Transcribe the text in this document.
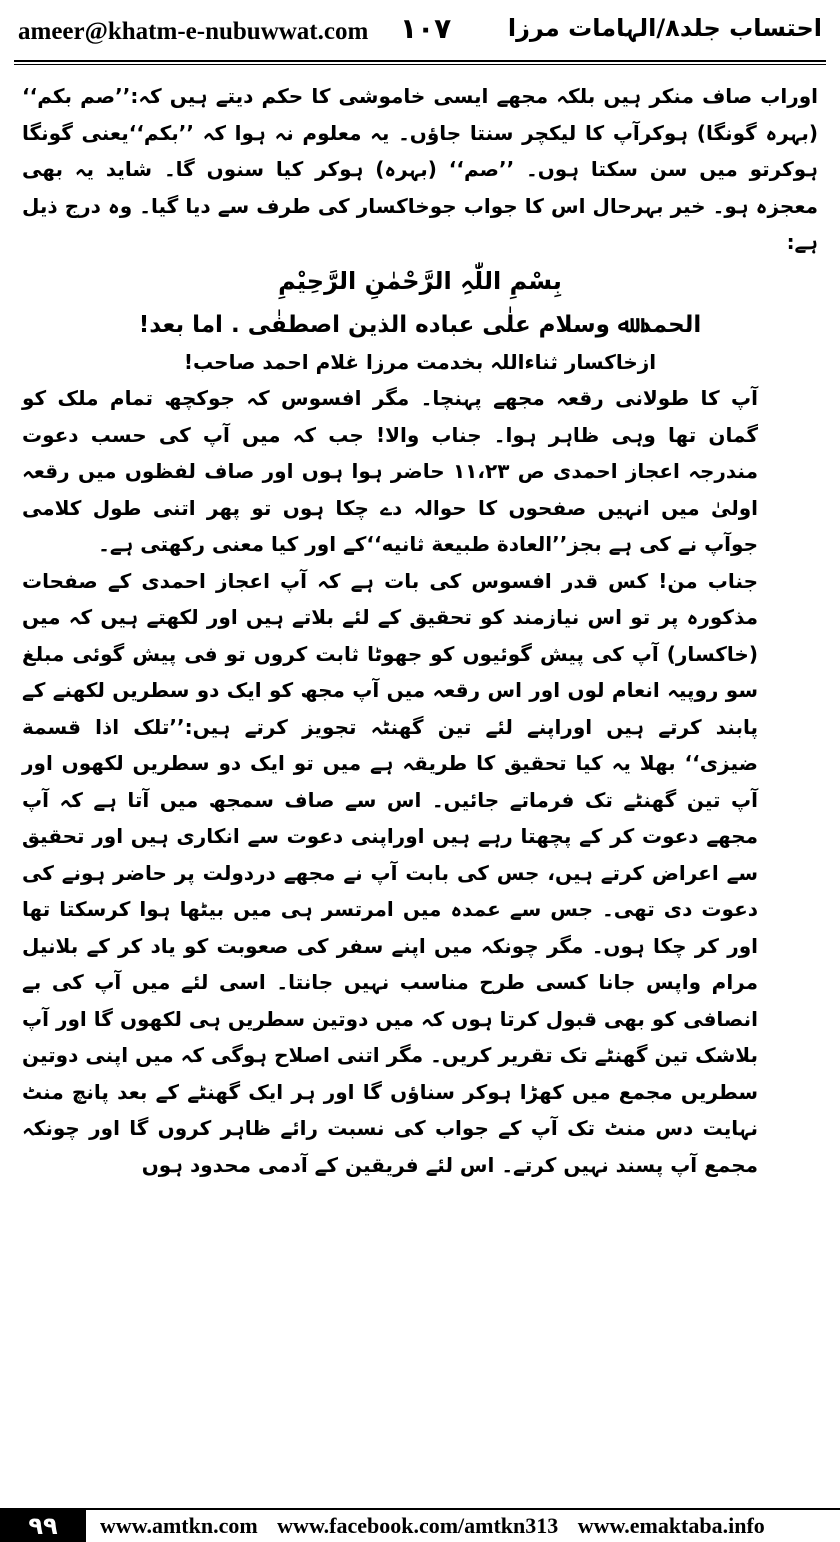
ameer@khatm-e-nubuwwat.com ۱۰۷ احتساب جلد۸/الہامات مرزا

اوراب صاف منکر ہیں بلکہ مجھے ایسی خاموشی کا حکم دیتے ہیں کہ:’’صم بکم‘‘ (بہرہ گونگا) ہوکرآپ کا لیکچر سنتا جاؤں۔ یہ معلوم نہ ہوا کہ ’’بکم‘‘یعنی گونگا ہوکرتو میں سن سکتا ہوں۔ ’’صم‘‘ (بہرہ) ہوکر کیا سنوں گا۔ شاید یہ بھی معجزہ ہو۔ خیر بہرحال اس کا جواب جوخاکسار کی طرف سے دیا گیا۔ وہ درج ذیل ہے:

بِسْمِ اللّٰہِ الرَّحْمٰنِ الرَّحِیْمِ

الحمد ﷲ وسلام علٰی عباده الذین اصطفٰی . اما بعد!

ازخاکسار ثناءاللہ بخدمت مرزا غلام احمد صاحب!

آپ کا طولانی رقعہ مجھے پہنچا۔ مگر افسوس کہ جوکچھ تمام ملک کو گمان تھا وہی ظاہر ہوا۔ جناب والا! جب کہ میں آپ کی حسب دعوت مندرجہ اعجاز احمدی ص ۱۱،۲۳ حاضر ہوا ہوں اور صاف لفظوں میں رقعہ اولیٰ میں انہیں صفحوں کا حوالہ دے چکا ہوں تو پھر اتنی طول کلامی جوآپ نے کی ہے بجز’’العادة طبیعة ثانیه‘‘کے اور کیا معنی رکھتی ہے۔

جناب من! کس قدر افسوس کی بات ہے کہ آپ اعجاز احمدی کے صفحات مذکورہ پر تو اس نیازمند کو تحقیق کے لئے بلاتے ہیں اور لکھتے ہیں کہ میں (خاکسار) آپ کی پیش گوئیوں کو جھوٹا ثابت کروں تو فی پیش گوئی مبلغ سو روپیہ انعام لوں اور اس رقعہ میں آپ مجھ کو ایک دو سطریں لکھنے کے پابند کرتے ہیں اوراپنے لئے تین گھنٹہ تجویز کرتے ہیں:’’تلک اذا قسمة ضیزی‘‘ بھلا یہ کیا تحقیق کا طریقہ ہے میں تو ایک دو سطریں لکھوں اور آپ تین گھنٹے تک فرماتے جائیں۔ اس سے صاف سمجھ میں آتا ہے کہ آپ مجھے دعوت کر کے پچھتا رہے ہیں اوراپنی دعوت سے انکاری ہیں اور تحقیق سے اعراض کرتے ہیں، جس کی بابت آپ نے مجھے دردولت پر حاضر ہونے کی دعوت دی تھی۔ جس سے عمدہ میں امرتسر ہی میں بیٹھا ہوا کرسکتا تھا اور کر چکا ہوں۔ مگر چونکہ میں اپنے سفر کی صعوبت کو یاد کر کے بلانیل مرام واپس جانا کسی طرح مناسب نہیں جانتا۔ اسی لئے میں آپ کی بے انصافی کو بھی قبول کرتا ہوں کہ میں دوتین سطریں ہی لکھوں گا اور آپ بلاشک تین گھنٹے تک تقریر کریں۔ مگر اتنی اصلاح ہوگی کہ میں اپنی دوتین سطریں مجمع میں کھڑا ہوکر سناؤں گا اور ہر ایک گھنٹے کے بعد پانچ منٹ نہایت دس منٹ تک آپ کے جواب کی نسبت رائے ظاہر کروں گا اور چونکہ مجمع آپ پسند نہیں کرتے۔ اس لئے فریقین کے آدمی محدود ہوں

۹۹	www.amtkn.com www.facebook.com/amtkn313 www.emaktaba.info
